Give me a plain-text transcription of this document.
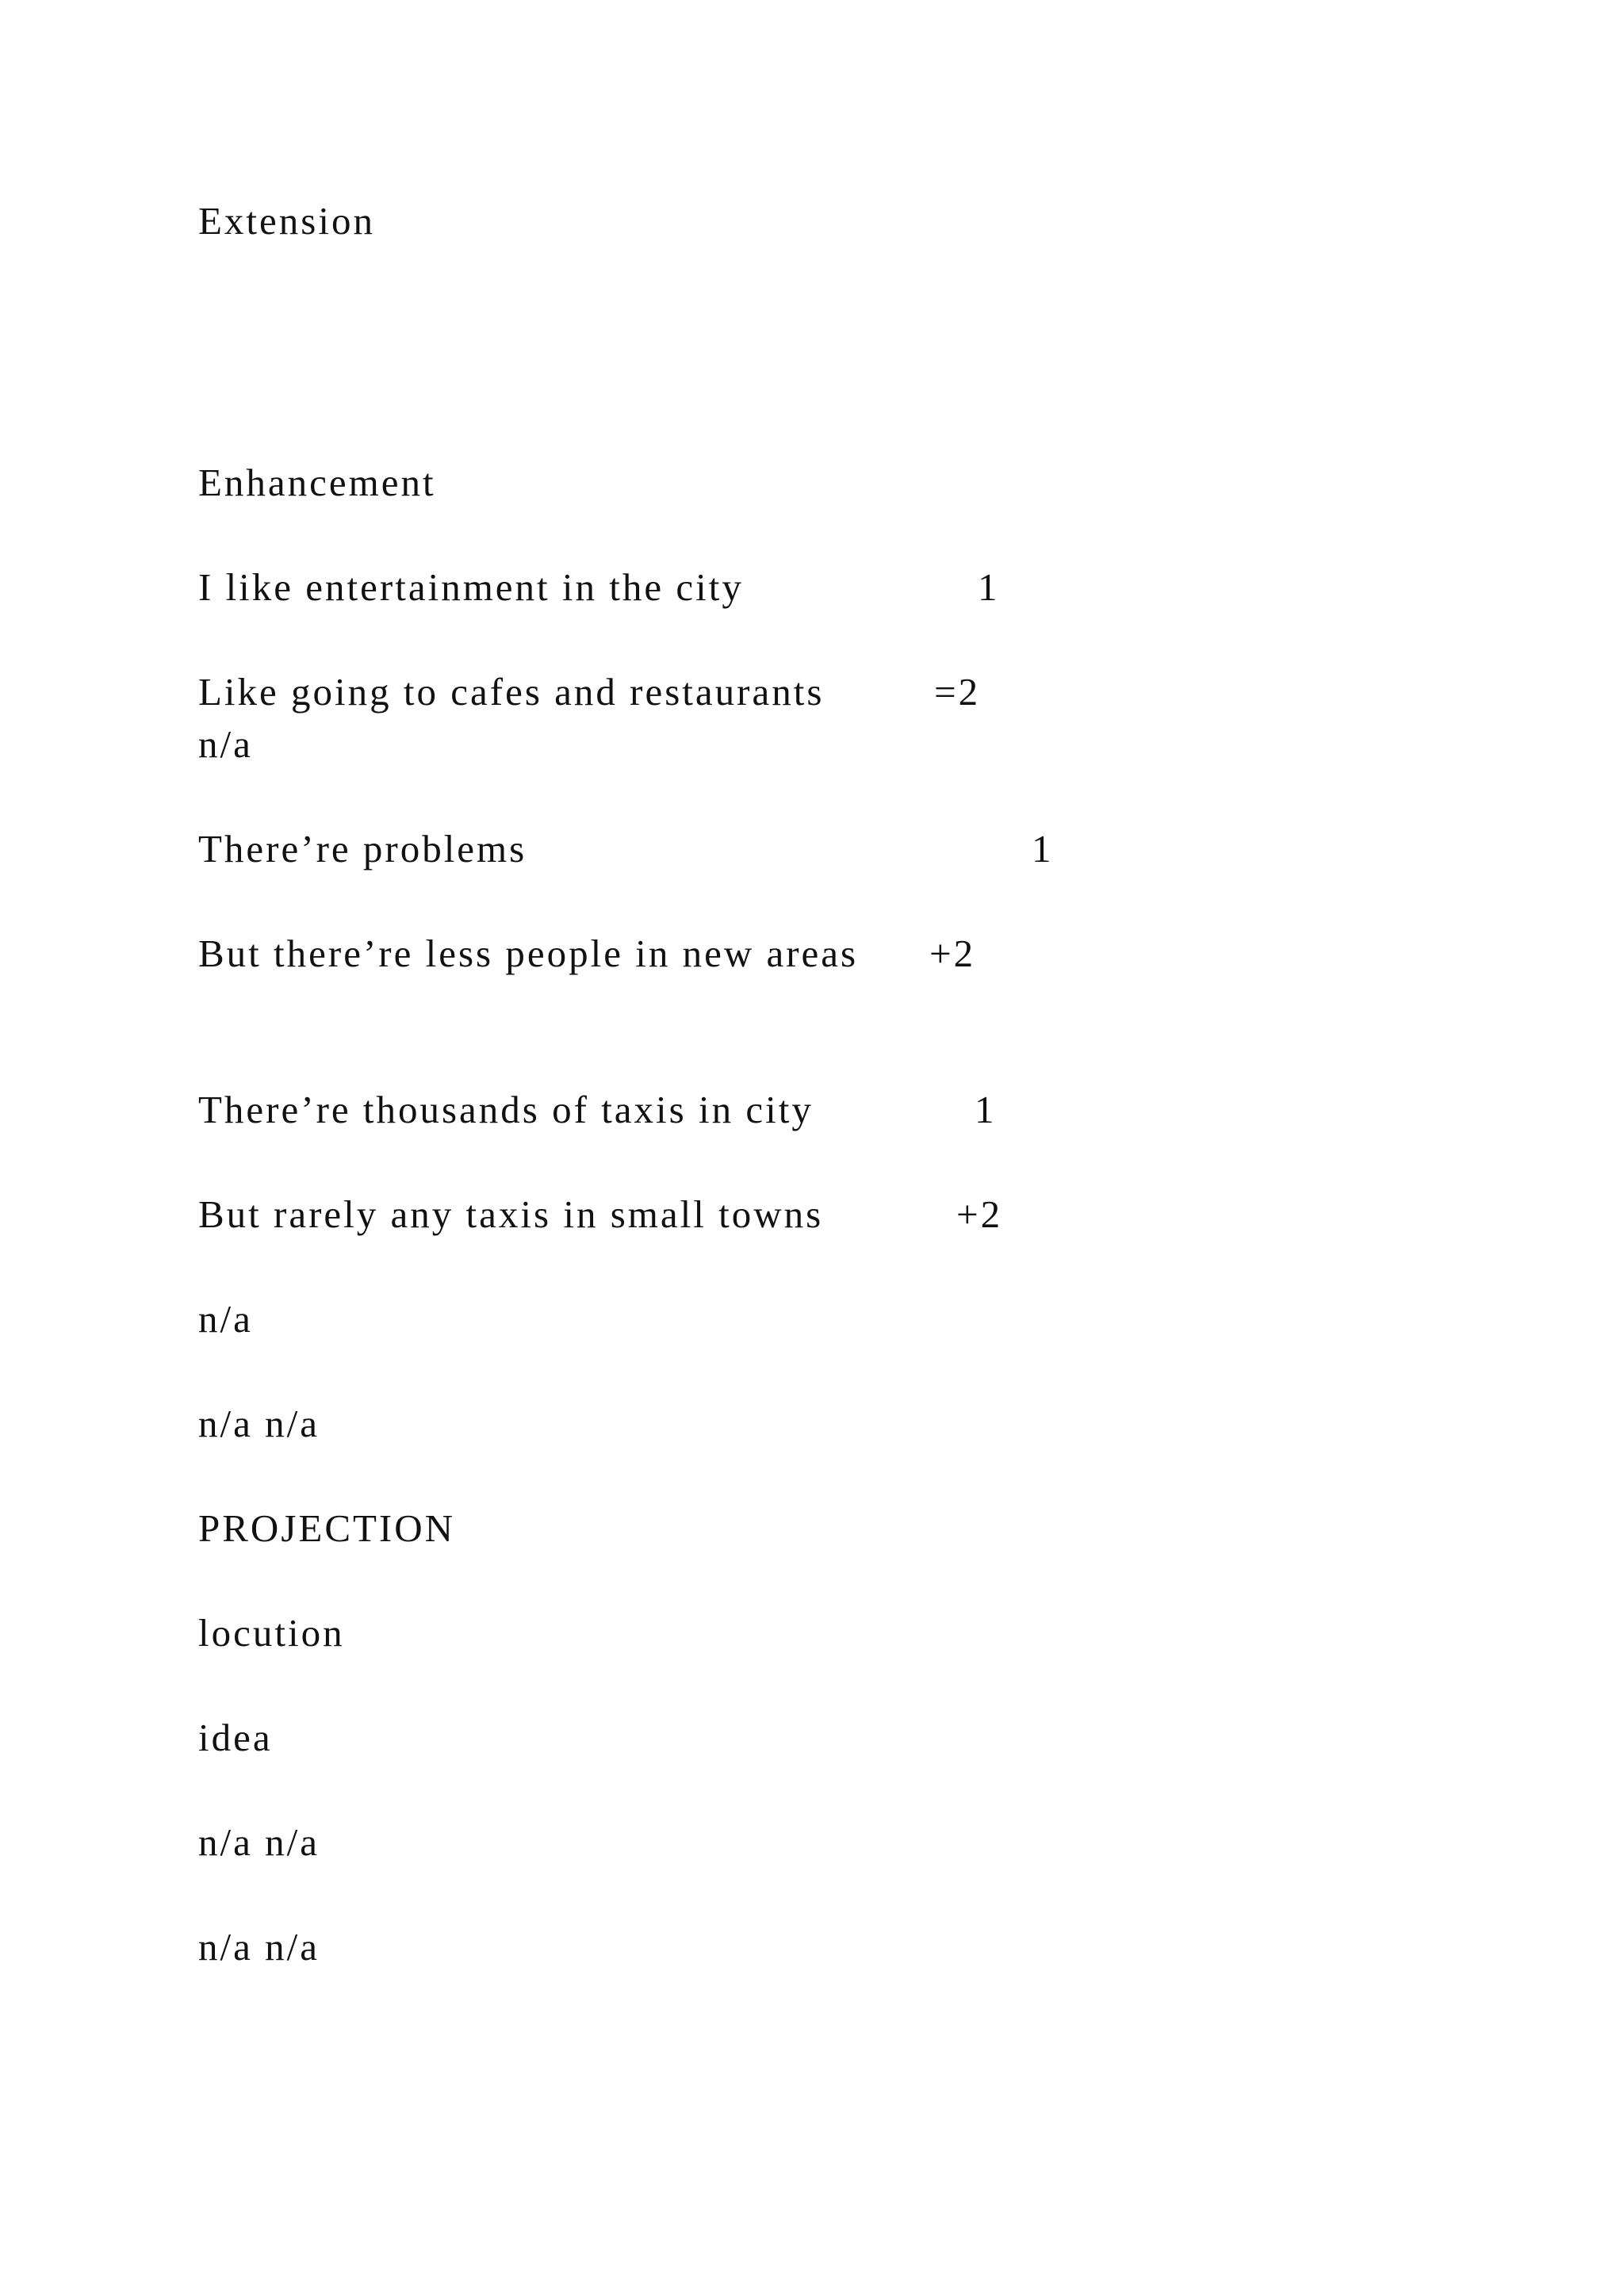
Extension
Enhancement
I like entertainment in the city	1
Like going to cafes and restaurants	=2
n/a
There’re problems	1
But there’re less people in new areas +2
There’re thousands of taxis in city	1
But rarely any taxis in small towns	+2
n/a
n/a n/a
PROJECTION
locution
idea
n/a n/a
n/a n/a
